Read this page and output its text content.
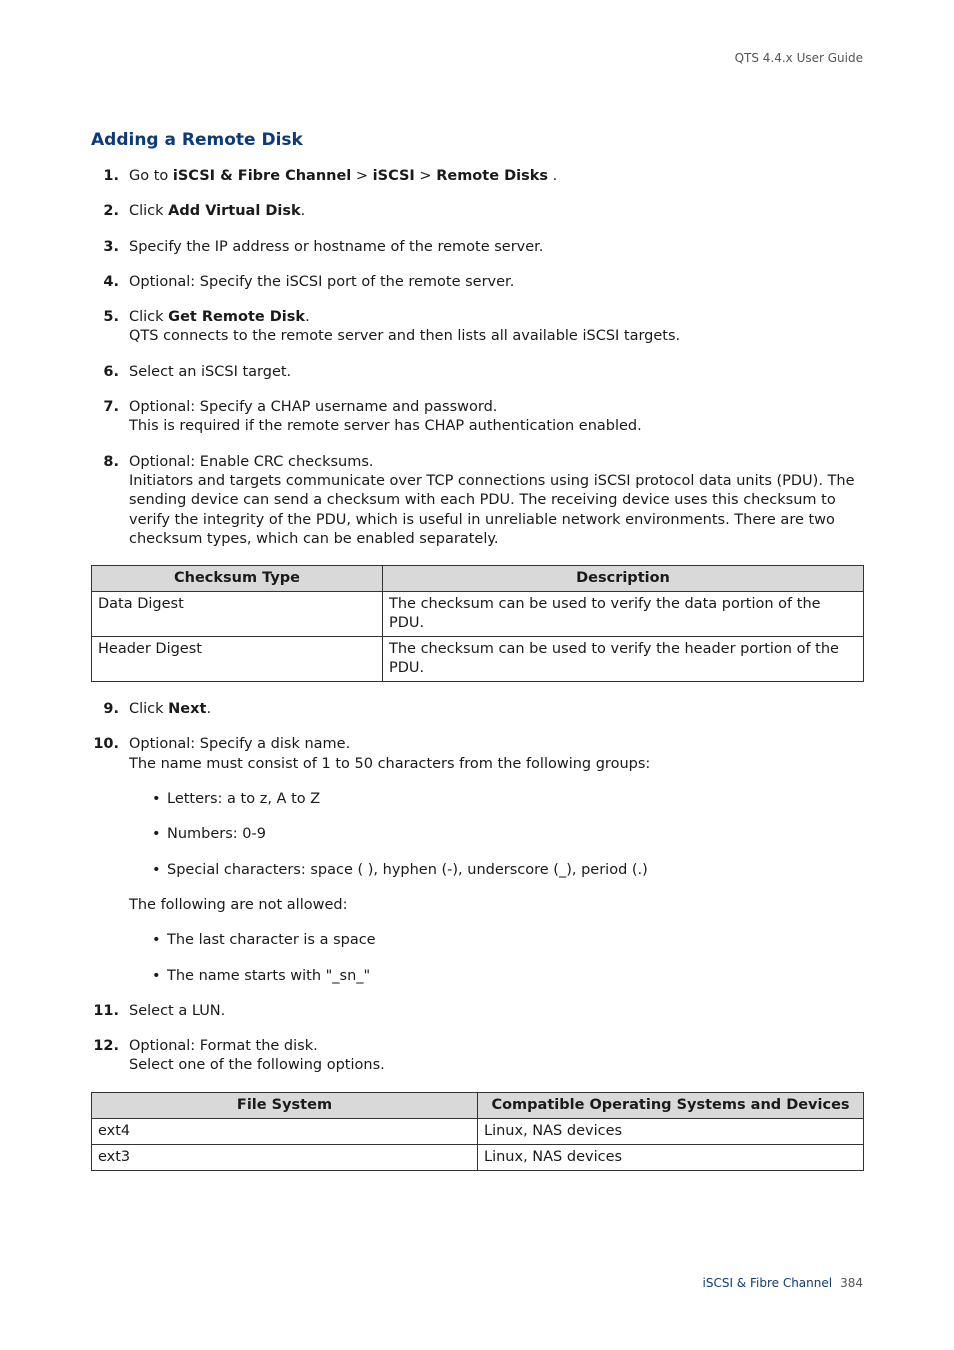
QTS 4.4.x User Guide
Adding a Remote Disk
1. Go to iSCSI & Fibre Channel > iSCSI > Remote Disks .
2. Click Add Virtual Disk.
3. Specify the IP address or hostname of the remote server.
4. Optional: Specify the iSCSI port of the remote server.
5. Click Get Remote Disk.
QTS connects to the remote server and then lists all available iSCSI targets.
6. Select an iSCSI target.
7. Optional: Specify a CHAP username and password.
This is required if the remote server has CHAP authentication enabled.
8. Optional: Enable CRC checksums.
Initiators and targets communicate over TCP connections using iSCSI protocol data units (PDU). The sending device can send a checksum with each PDU. The receiving device uses this checksum to verify the integrity of the PDU, which is useful in unreliable network environments. There are two checksum types, which can be enabled separately.
Checksum Type	Description
Data Digest	The checksum can be used to verify the data portion of the PDU.
Header Digest	The checksum can be used to verify the header portion of the PDU.
9. Click Next.
10. Optional: Specify a disk name.
The name must consist of 1 to 50 characters from the following groups:
• Letters: a to z, A to Z
• Numbers: 0-9
• Special characters: space ( ), hyphen (-), underscore (_), period (.)
The following are not allowed:
• The last character is a space
• The name starts with "_sn_"
11. Select a LUN.
12. Optional: Format the disk.
Select one of the following options.
File System	Compatible Operating Systems and Devices
ext4	Linux, NAS devices
ext3	Linux, NAS devices
iSCSI & Fibre Channel 384
